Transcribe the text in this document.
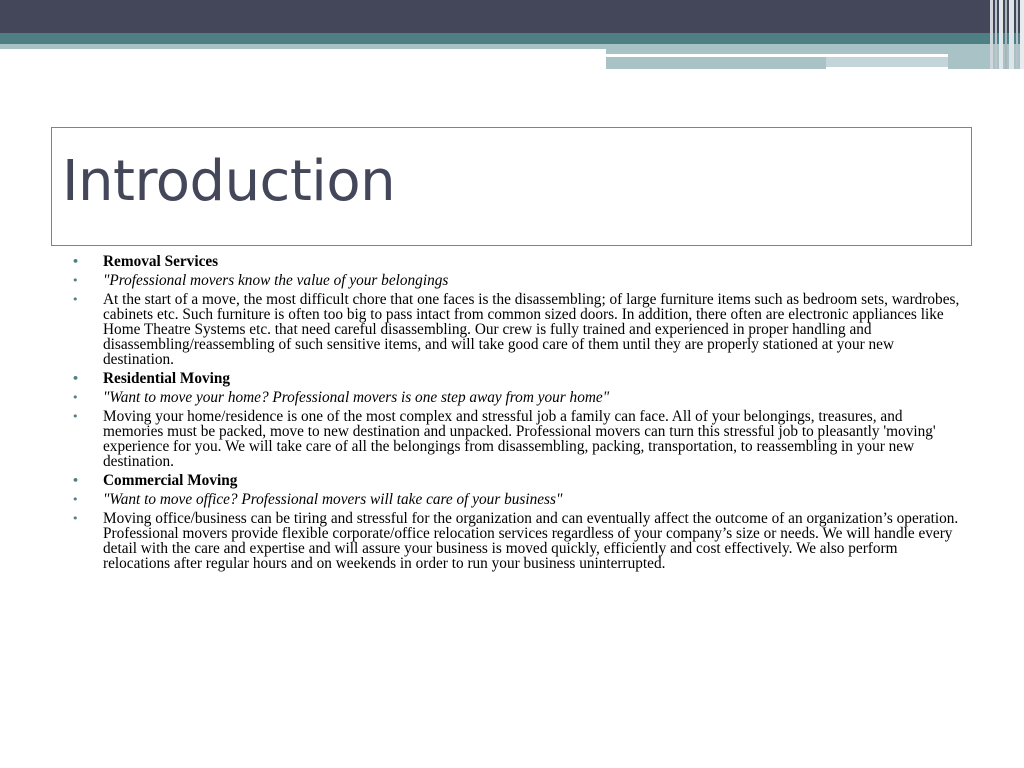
Introduction
• Removal Services
• "Professional movers know the value of your belongings
• At the start of a move, the most difficult chore that one faces is the disassembling; of large furniture items such as bedroom sets, wardrobes, cabinets etc. Such furniture is often too big to pass intact from common sized doors. In addition, there often are electronic appliances like Home Theatre Systems etc. that need careful disassembling. Our crew is fully trained and experienced in proper handling and disassembling/reassembling of such sensitive items, and will take good care of them until they are properly stationed at your new destination.
• Residential Moving
• "Want to move your home? Professional movers is one step away from your home"
• Moving your home/residence is one of the most complex and stressful job a family can face. All of your belongings, treasures, and memories must be packed, move to new destination and unpacked. Professional movers can turn this stressful job to pleasantly 'moving' experience for you. We will take care of all the belongings from disassembling, packing, transportation, to reassembling in your new destination.
• Commercial Moving
• "Want to move office? Professional movers will take care of your business"
• Moving office/business can be tiring and stressful for the organization and can eventually affect the outcome of an organization’s operation. Professional movers provide flexible corporate/office relocation services regardless of your company’s size or needs. We will handle every detail with the care and expertise and will assure your business is moved quickly, efficiently and cost effectively. We also perform relocations after regular hours and on weekends in order to run your business uninterrupted.
